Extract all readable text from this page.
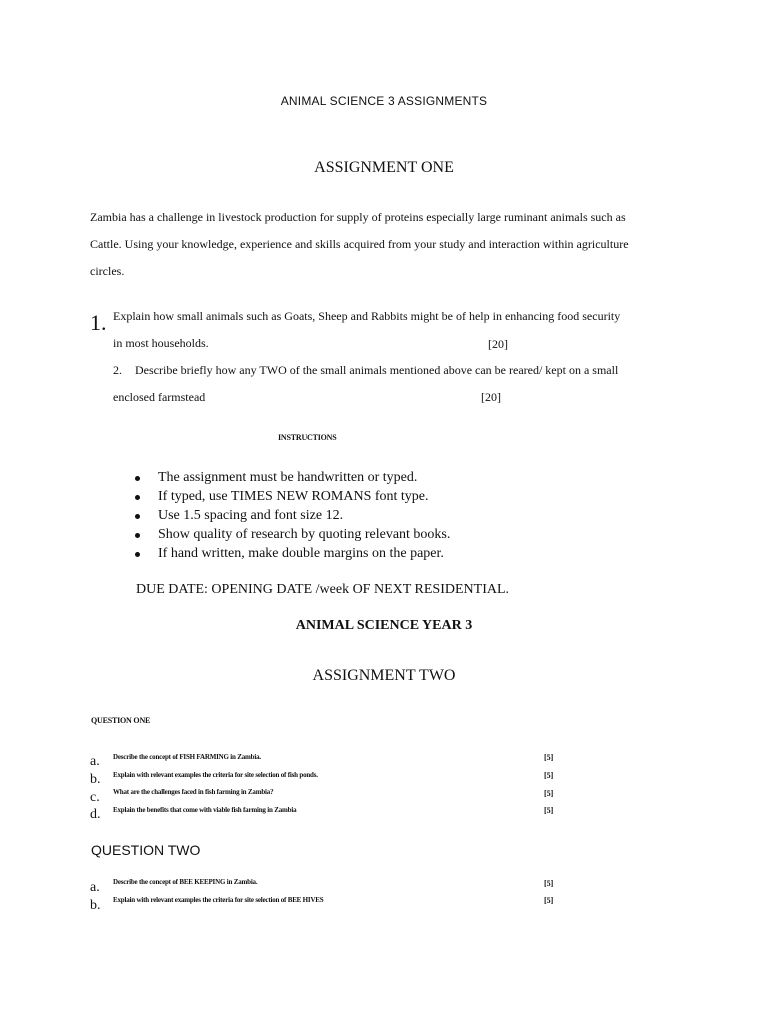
ANIMAL SCIENCE 3 ASSIGNMENTS
ASSIGNMENT ONE
Zambia has a challenge in livestock production for supply of proteins especially large ruminant animals such as
Cattle. Using your knowledge, experience and skills acquired from your study and interaction within agriculture
circles.
1. Explain how small animals such as Goats, Sheep and Rabbits might be of help in enhancing food security
in most households.	[20]
2. Describe briefly how any TWO of the small animals mentioned above can be reared/ kept on a small
enclosed farmstead	[20]
INSTRUCTIONS
The assignment must be handwritten or typed.
If typed, use TIMES NEW ROMANS font type.
Use 1.5 spacing and font size 12.
Show quality of research by quoting relevant books.
If hand written, make double margins on the paper.
DUE DATE: OPENING DATE /week OF NEXT RESIDENTIAL.
ANIMAL SCIENCE YEAR 3
ASSIGNMENT TWO
QUESTION ONE
a. Describe the concept of FISH FARMING in Zambia.	[5]
b. Explain with relevant examples the criteria for site selection of fish ponds.	[5]
c. What are the challenges faced in fish farming in Zambia?	[5]
d. Explain the benefits that come with viable fish farming in Zambia	[5]
QUESTION TWO
a. Describe the concept of BEE KEEPING in Zambia.	[5]
b. Explain with relevant examples the criteria for site selection of BEE HIVES	[5]
